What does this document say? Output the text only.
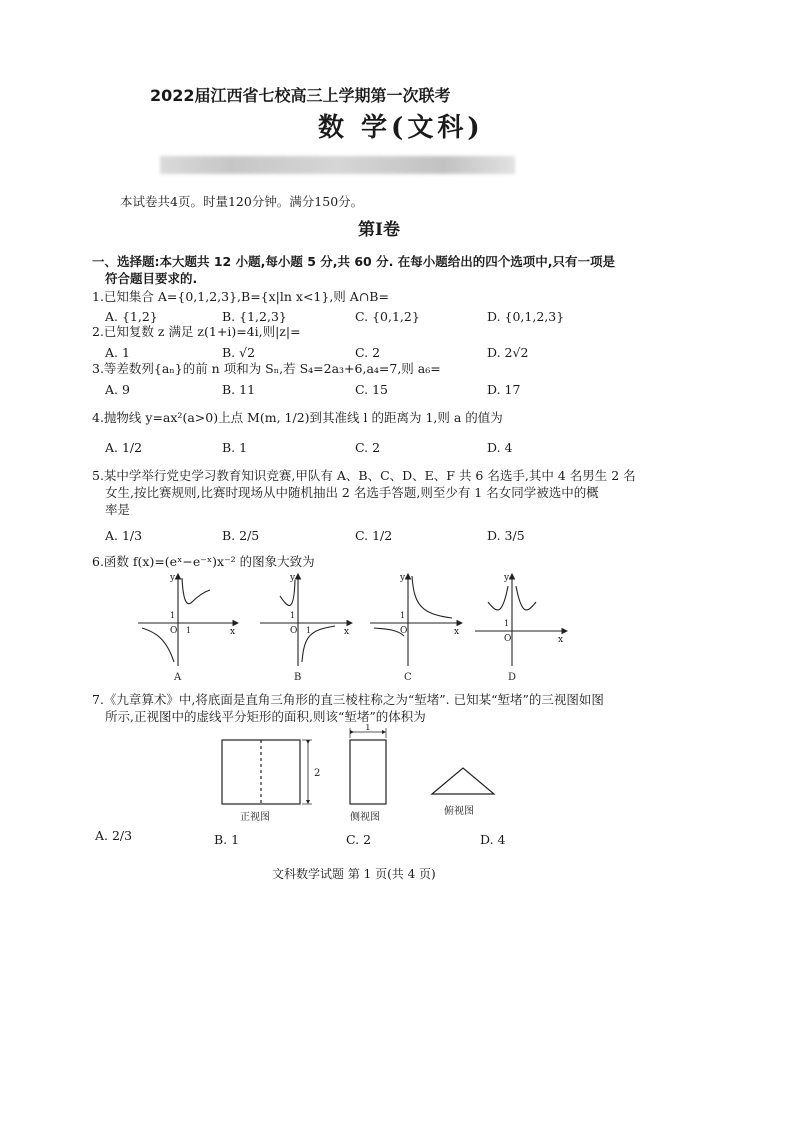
2022届江西省七校高三上学期第一次联考
数 学(文科)
本试卷共4页。时量120分钟。满分150分。
第Ⅰ卷
一、选择题:本大题共 12 小题,每小题 5 分,共 60 分. 在每小题给出的四个选项中,只有一项是
符合题目要求的.
1.已知集合 A={0,1,2,3},B={x|ln x<1},则 A∩B=
A. {1,2}	B. {1,2,3}	C. {0,1,2}	D. {0,1,2,3}
2.已知复数 z 满足 z(1+i)=4i,则|z|=
A. 1	B. √2	C. 2	D. 2√2
3.等差数列{aₙ}的前 n 项和为 Sₙ,若 S₄=2a₃+6,a₄=7,则 a₆=
A. 9	B. 11	C. 15	D. 17
4.抛物线 y=ax²(a>0)上点 M(m, 1/2)到其准线 l 的距离为 1,则 a 的值为
A. 1/2	B. 1	C. 2	D. 4
5.某中学举行党史学习教育知识竞赛,甲队有 A、B、C、D、E、F 共 6 名选手,其中 4 名男生 2 名
女生,按比赛规则,比赛时现场从中随机抽出 2 名选手答题,则至少有 1 名女同学被选中的概
率是
A. 1/3	B. 2/5	C. 1/2	D. 3/5
6.函数 f(x)=(eˣ−e⁻ˣ)x⁻² 的图象大致为
y
x
O
1
1
A
y
x
O
1
1
B
y
x
O
1
C
y
x
O
1
D
7.《九章算术》中,将底面是直角三角形的直三棱柱称之为“堑堵”. 已知某“堑堵”的三视图如图
所示,正视图中的虚线平分矩形的面积,则该“堑堵”的体积为
2
正视图
1
侧视图
俯视图
A. 2/3	B. 1	C. 2	D. 4
文科数学试题 第 1 页(共 4 页)
